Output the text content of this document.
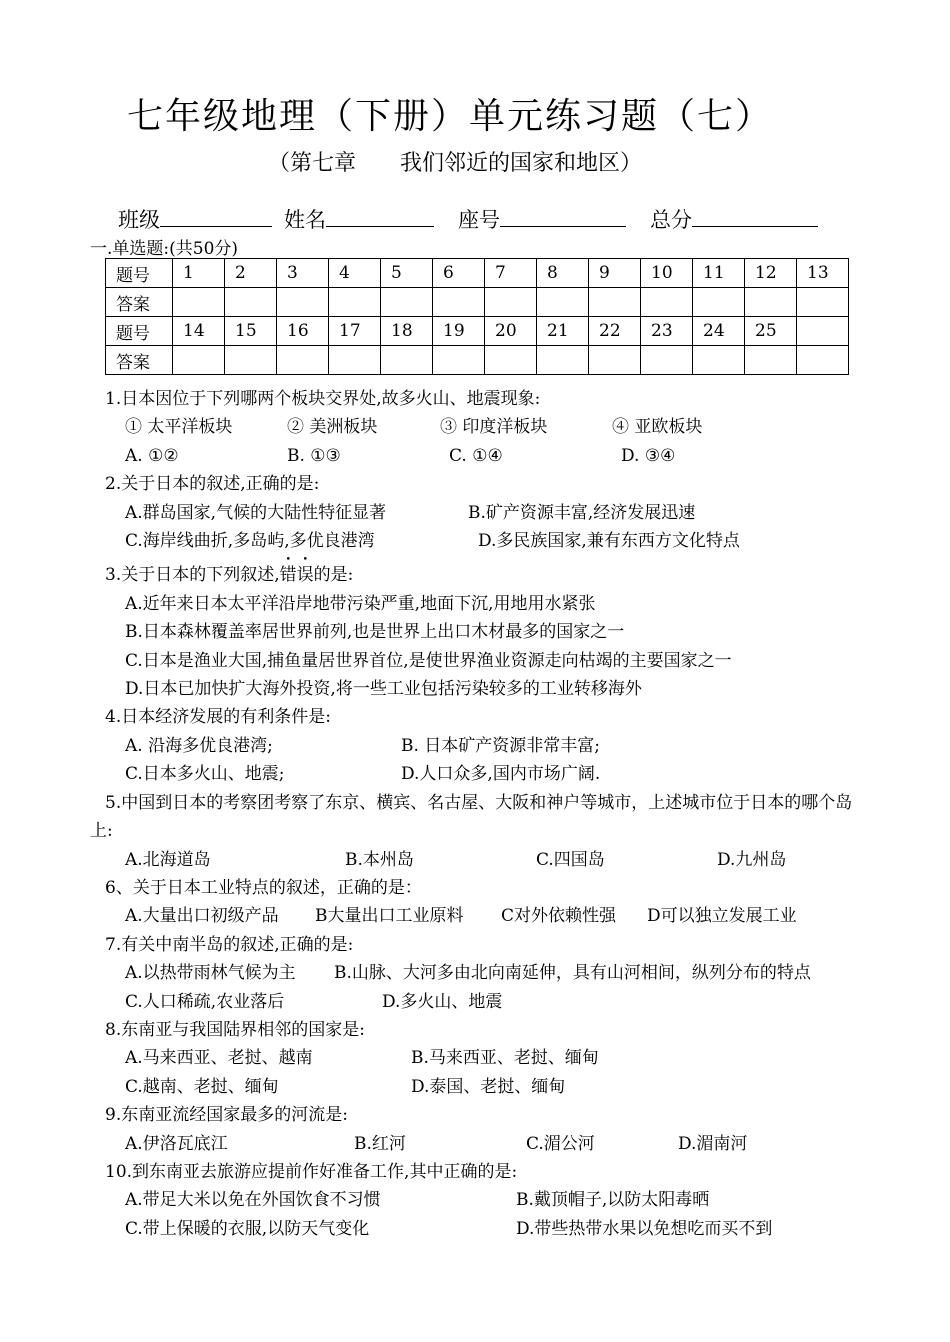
七年级地理（下册）单元练习题（七）
（第七章　　我们邻近的国家和地区）
班级	姓名	座号	总分
一.单选题:(共50分)
题号	1	2	3	4	5	6	7	8	9	10	11	12	13
答案													
题号	14	15	16	17	18	19	20	21	22	23	24	25	
答案													
1.日本因位于下列哪两个板块交界处,故多火山、地震现象:
① 太平洋板块	② 美洲板块	③ 印度洋板块	④ 亚欧板块
A. ①②	B. ①③	C. ①④	D. ③④
2.关于日本的叙述,正确的是:
A.群岛国家,气候的大陆性特征显著	B.矿产资源丰富,经济发展迅速
C.海岸线曲折,多岛屿,多优良港湾	D.多民族国家,兼有东西方文化特点
3.关于日本的下列叙述,错误的是:
A.近年来日本太平洋沿岸地带污染严重,地面下沉,用地用水紧张
B.日本森林覆盖率居世界前列,也是世界上出口木材最多的国家之一
C.日本是渔业大国,捕鱼量居世界首位,是使世界渔业资源走向枯竭的主要国家之一
D.日本已加快扩大海外投资,将一些工业包括污染较多的工业转移海外
4.日本经济发展的有利条件是:
A. 沿海多优良港湾;	B. 日本矿产资源非常丰富;
C.日本多火山、地震;	D.人口众多,国内市场广阔.
5.中国到日本的考察团考察了东京、横宾、名古屋、大阪和神户等城市，上述城市位于日本的哪个岛上:
A.北海道岛	B.本州岛	C.四国岛	D.九州岛
6、关于日本工业特点的叙述，正确的是：
A.大量出口初级产品	B大量出口工业原料	C对外依赖性强	D可以独立发展工业
7.有关中南半岛的叙述,正确的是:
A.以热带雨林气候为主	B.山脉、大河多由北向南延伸，具有山河相间，纵列分布的特点
C.人口稀疏,农业落后	D.多火山、地震
8.东南亚与我国陆界相邻的国家是:
A.马来西亚、老挝、越南	B.马来西亚、老挝、缅甸
C.越南、老挝、缅甸	D.泰国、老挝、缅甸
9.东南亚流经国家最多的河流是:
A.伊洛瓦底江	B.红河	C.湄公河	D.湄南河
10.到东南亚去旅游应提前作好准备工作,其中正确的是:
A.带足大米以免在外国饮食不习惯	B.戴顶帽子,以防太阳毒晒
C.带上保暖的衣服,以防天气变化	D.带些热带水果以免想吃而买不到
